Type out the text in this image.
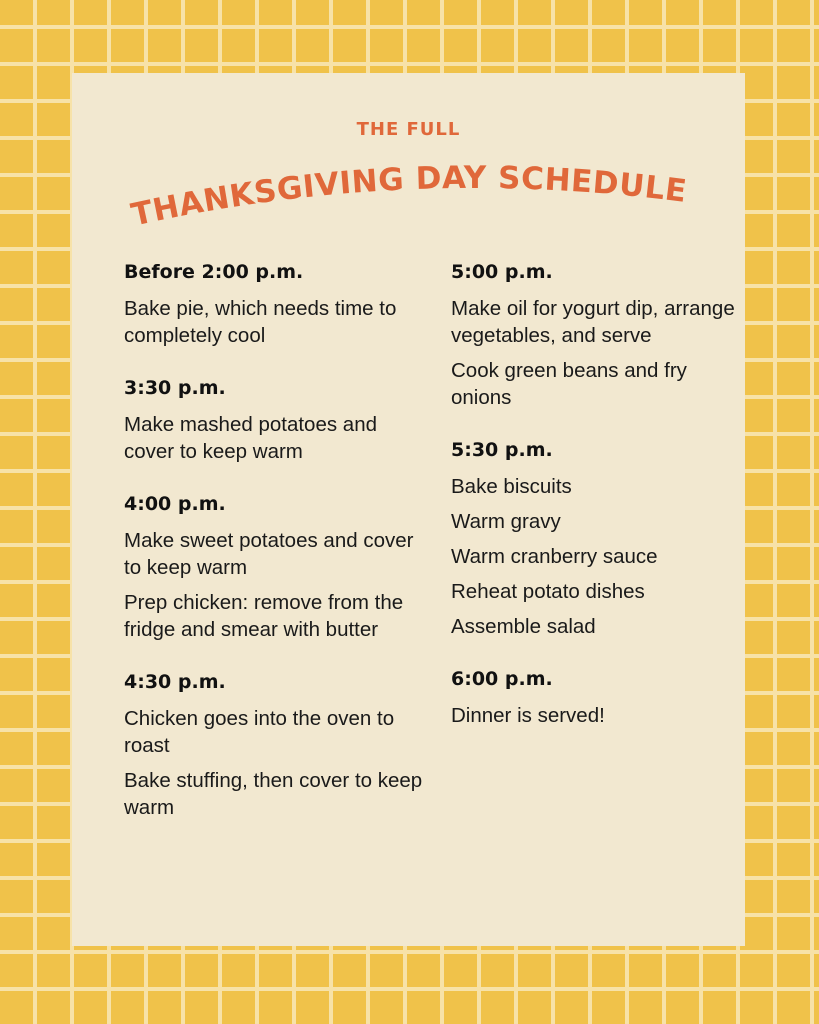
THE FULL
THANKSGIVING DAY SCHEDULE
Before 2:00 p.m.
Bake pie, which needs time to completely cool
3:30 p.m.
Make mashed potatoes and cover to keep warm
4:00 p.m.
Make sweet potatoes and cover to keep warm
Prep chicken: remove from the fridge and smear with butter
4:30 p.m.
Chicken goes into the oven to roast
Bake stuffing, then cover to keep warm
5:00 p.m.
Make oil for yogurt dip, arrange vegetables, and serve
Cook green beans and fry onions
5:30 p.m.
Bake biscuits
Warm gravy
Warm cranberry sauce
Reheat potato dishes
Assemble salad
6:00 p.m.
Dinner is served!
